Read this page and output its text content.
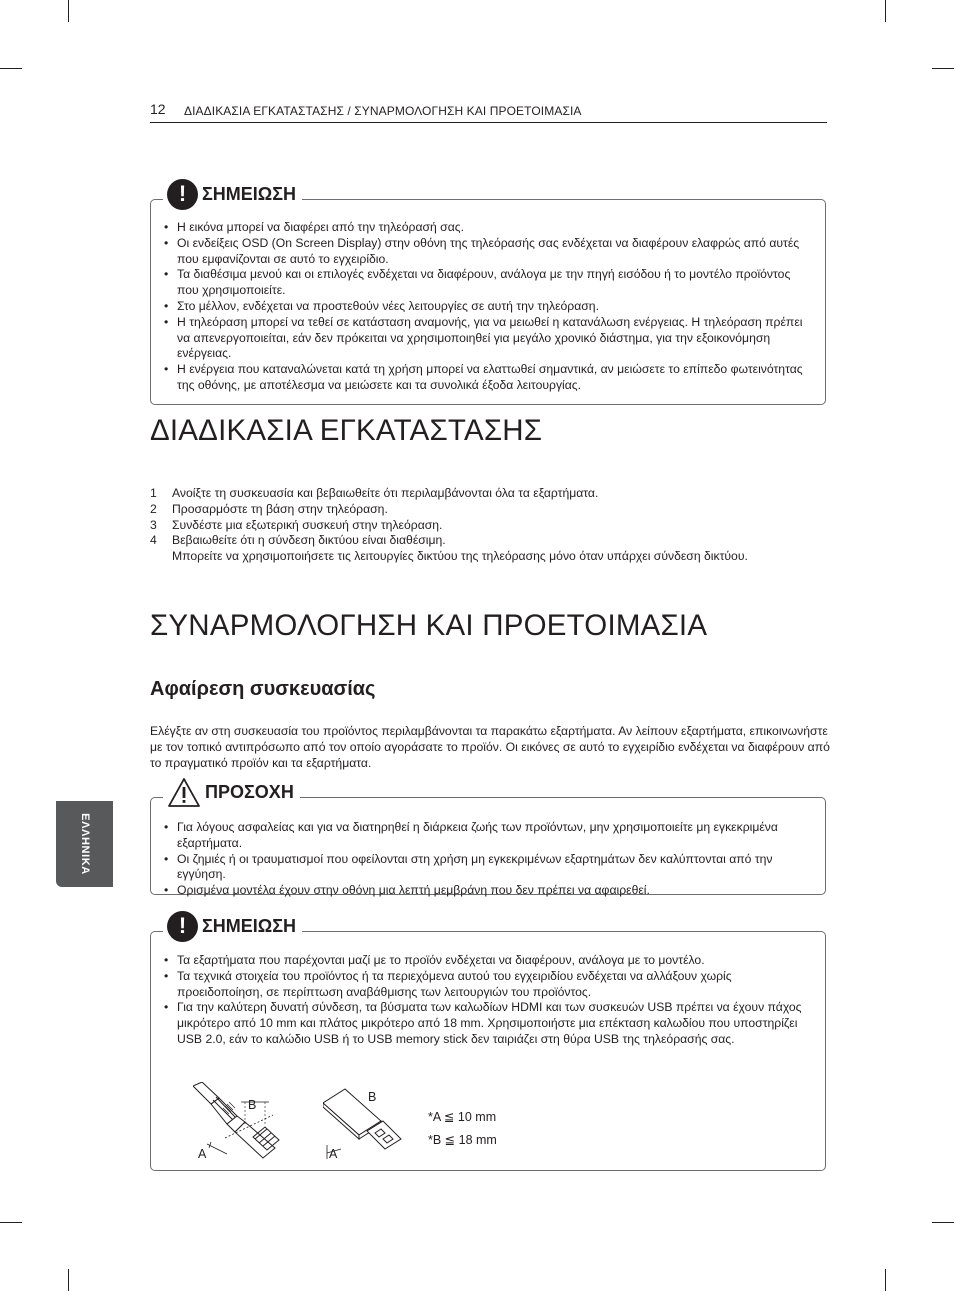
12 ΔΙΑΔΙΚΑΣΙΑ ΕΓΚΑΤΑΣΤΑΣΗΣ / ΣΥΝΑΡΜΟΛΟΓΗΣΗ ΚΑΙ ΠΡΟΕΤΟΙΜΑΣΙΑ
! ΣΗΜΕΙΩΣΗ
• Η εικόνα μπορεί να διαφέρει από την τηλεόρασή σας.
• Οι ενδείξεις OSD (On Screen Display) στην οθόνη της τηλεόρασής σας ενδέχεται να διαφέρουν ελαφρώς από αυτές που εμφανίζονται σε αυτό το εγχειρίδιο.
• Τα διαθέσιμα μενού και οι επιλογές ενδέχεται να διαφέρουν, ανάλογα με την πηγή εισόδου ή το μοντέλο προϊόντος που χρησιμοποιείτε.
• Στο μέλλον, ενδέχεται να προστεθούν νέες λειτουργίες σε αυτή την τηλεόραση.
• Η τηλεόραση μπορεί να τεθεί σε κατάσταση αναμονής, για να μειωθεί η κατανάλωση ενέργειας. Η τηλεόραση πρέπει να απενεργοποιείται, εάν δεν πρόκειται να χρησιμοποιηθεί για μεγάλο χρονικό διάστημα, για την εξοικονόμηση ενέργειας.
• Η ενέργεια που καταναλώνεται κατά τη χρήση μπορεί να ελαττωθεί σημαντικά, αν μειώσετε το επίπεδο φωτεινότητας της οθόνης, με αποτέλεσμα να μειώσετε και τα συνολικά έξοδα λειτουργίας.
ΔΙΑΔΙΚΑΣΙΑ ΕΓΚΑΤΑΣΤΑΣΗΣ
1 Ανοίξτε τη συσκευασία και βεβαιωθείτε ότι περιλαμβάνονται όλα τα εξαρτήματα.
2 Προσαρμόστε τη βάση στην τηλεόραση.
3 Συνδέστε μια εξωτερική συσκευή στην τηλεόραση.
4 Βεβαιωθείτε ότι η σύνδεση δικτύου είναι διαθέσιμη.
Μπορείτε να χρησιμοποιήσετε τις λειτουργίες δικτύου της τηλεόρασης μόνο όταν υπάρχει σύνδεση δικτύου.
ΣΥΝΑΡΜΟΛΟΓΗΣΗ ΚΑΙ ΠΡΟΕΤΟΙΜΑΣΙΑ
Αφαίρεση συσκευασίας

Ελέγξτε αν στη συσκευασία του προϊόντος περιλαμβάνονται τα παρακάτω εξαρτήματα. Αν λείπουν εξαρτήματα, επικοινωνήστε με τον τοπικό αντιπρόσωπο από τον οποίο αγοράσατε το προϊόν. Οι εικόνες σε αυτό το εγχειρίδιο ενδέχεται να διαφέρουν από το πραγματικό προϊόν και τα εξαρτήματα.

ΕΛΛΗΝΙΚΑ
ΠΡΟΣΟΧΗ
• Για λόγους ασφαλείας και για να διατηρηθεί η διάρκεια ζωής των προϊόντων, μην χρησιμοποιείτε μη εγκεκριμένα εξαρτήματα.
• Οι ζημιές ή οι τραυματισμοί που οφείλονται στη χρήση μη εγκεκριμένων εξαρτημάτων δεν καλύπτονται από την εγγύηση.
• Ορισμένα μοντέλα έχουν στην οθόνη μια λεπτή μεμβράνη που δεν πρέπει να αφαιρεθεί.
! ΣΗΜΕΙΩΣΗ
• Τα εξαρτήματα που παρέχονται μαζί με το προϊόν ενδέχεται να διαφέρουν, ανάλογα με το μοντέλο.
• Τα τεχνικά στοιχεία του προϊόντος ή τα περιεχόμενα αυτού του εγχειριδίου ενδέχεται να αλλάξουν χωρίς προειδοποίηση, σε περίπτωση αναβάθμισης των λειτουργιών του προϊόντος.
• Για την καλύτερη δυνατή σύνδεση, τα βύσματα των καλωδίων HDMI και των συσκευών USB πρέπει να έχουν πάχος μικρότερο από 10 mm και πλάτος μικρότερο από 18 mm. Χρησιμοποιήστε μια επέκταση καλωδίου που υποστηρίζει USB 2.0, εάν το καλώδιο USB ή το USB memory stick δεν ταιριάζει στη θύρα USB της τηλεόρασής σας.
B
A
B
A
*A ≦ 10 mm
*B ≦ 18 mm
